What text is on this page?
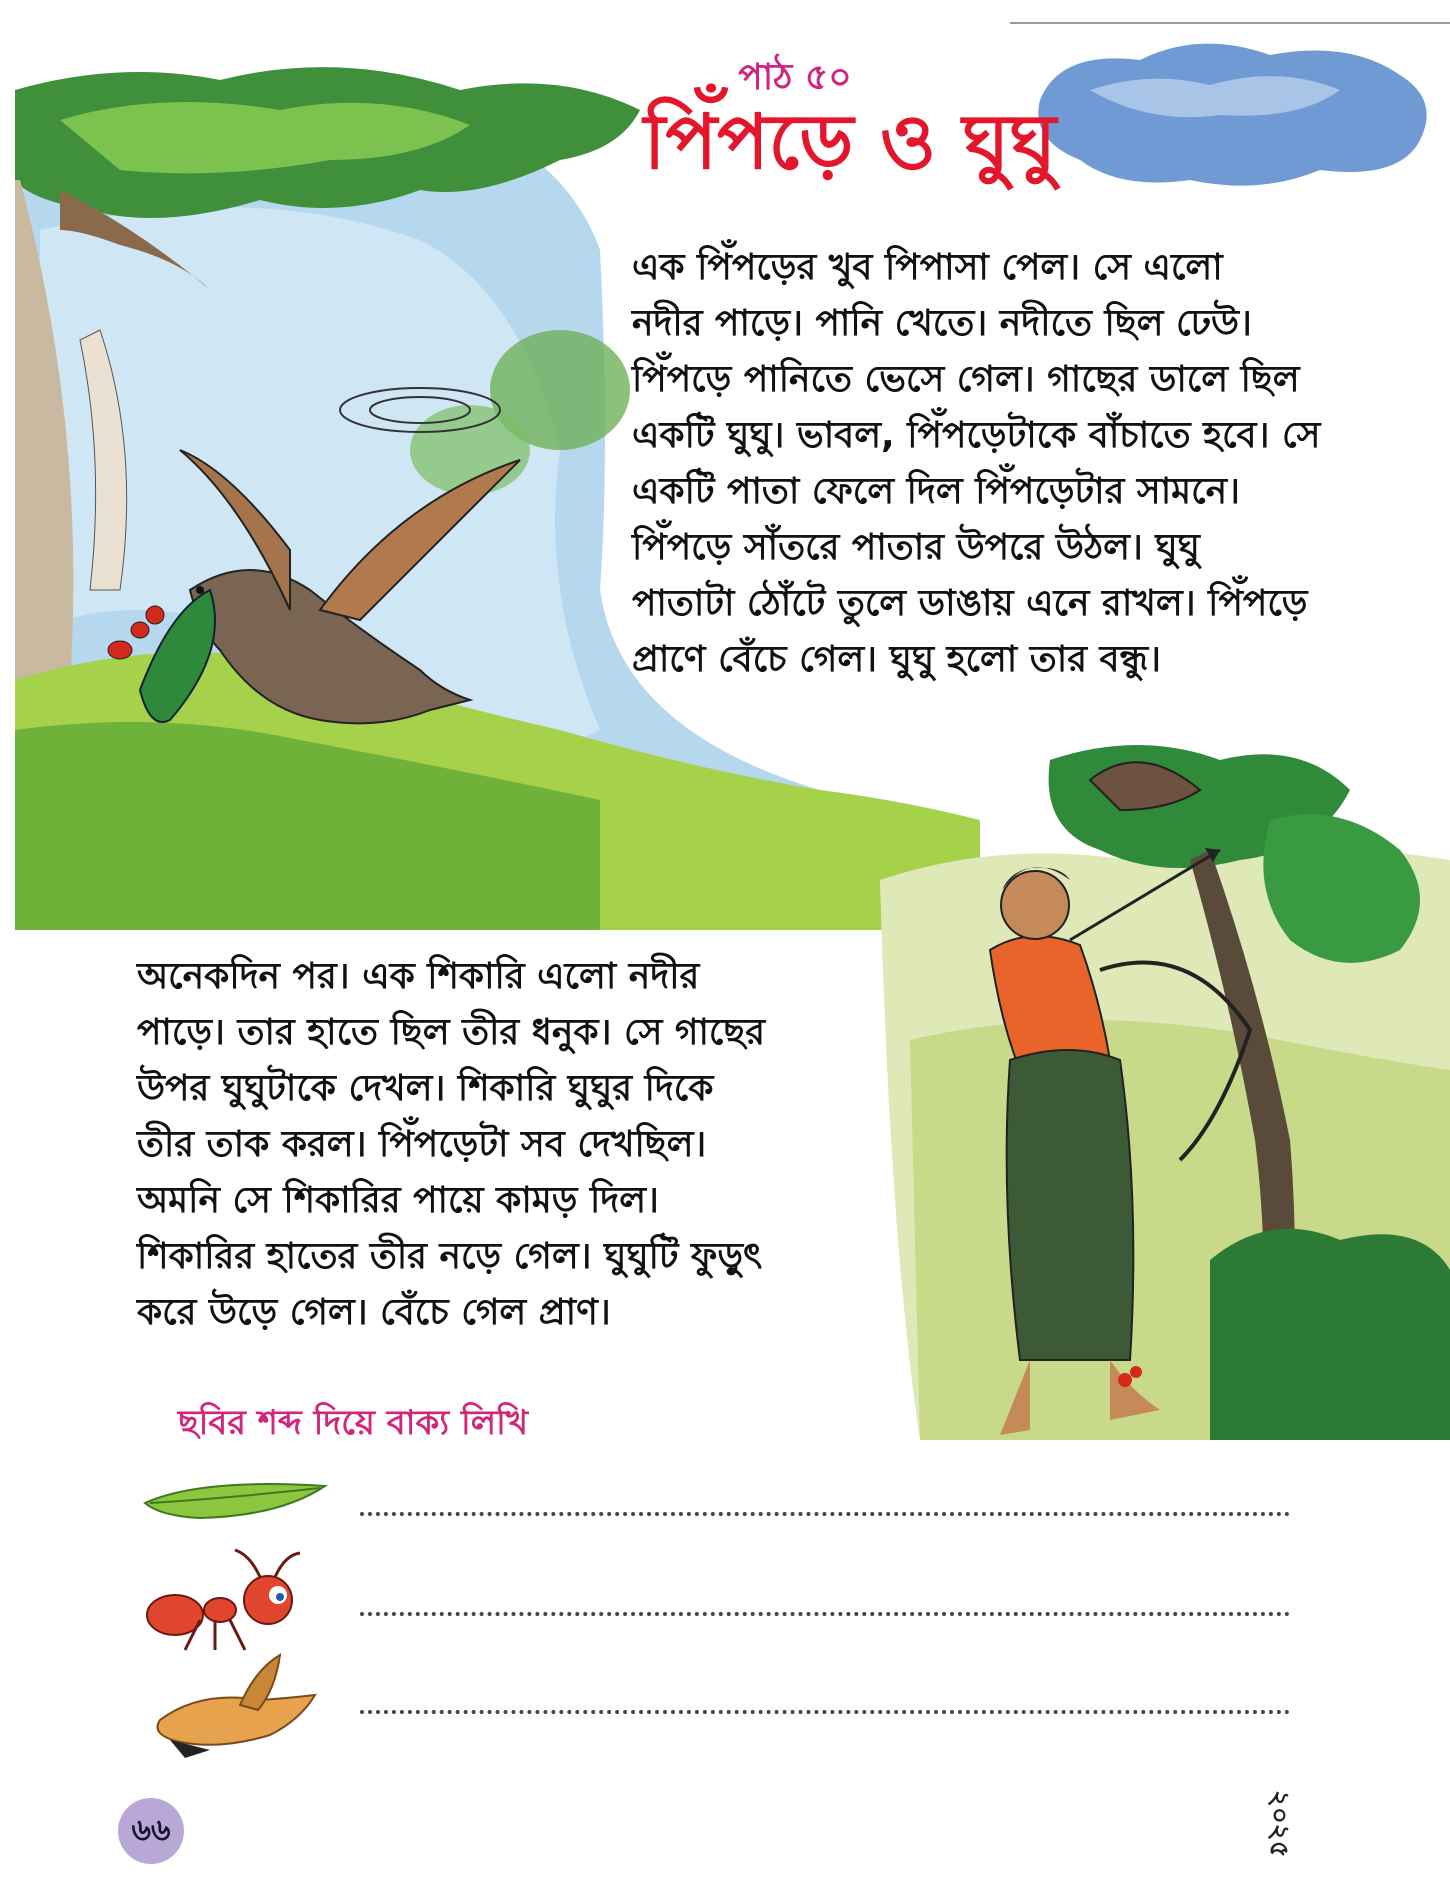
পাঠ ৫০
পিঁপড়ে ও ঘুঘু
এক পিঁপড়ের খুব পিপাসা পেল। সে এলো
নদীর পাড়ে। পানি খেতে। নদীতে ছিল ঢেউ।
পিঁপড়ে পানিতে ভেসে গেল। গাছের ডালে ছিল
একটি ঘুঘু। ভাবল, পিঁপড়েটাকে বাঁচাতে হবে। সে
একটি পাতা ফেলে দিল পিঁপড়েটার সামনে।
পিঁপড়ে সাঁতরে পাতার উপরে উঠল। ঘুঘু
পাতাটা ঠোঁটে তুলে ডাঙায় এনে রাখল। পিঁপড়ে
প্রাণে বেঁচে গেল। ঘুঘু হলো তার বন্ধু।
অনেকদিন পর। এক শিকারি এলো নদীর
পাড়ে। তার হাতে ছিল তীর ধনুক। সে গাছের
উপর ঘুঘুটাকে দেখল। শিকারি ঘুঘুর দিকে
তীর তাক করল। পিঁপড়েটা সব দেখছিল।
অমনি সে শিকারির পায়ে কামড় দিল।
শিকারির হাতের তীর নড়ে গেল। ঘুঘুটি ফুড়ুৎ
করে উড়ে গেল। বেঁচে গেল প্রাণ।
ছবির শব্দ দিয়ে বাক্য লিখি
৬৬	২০২৫
